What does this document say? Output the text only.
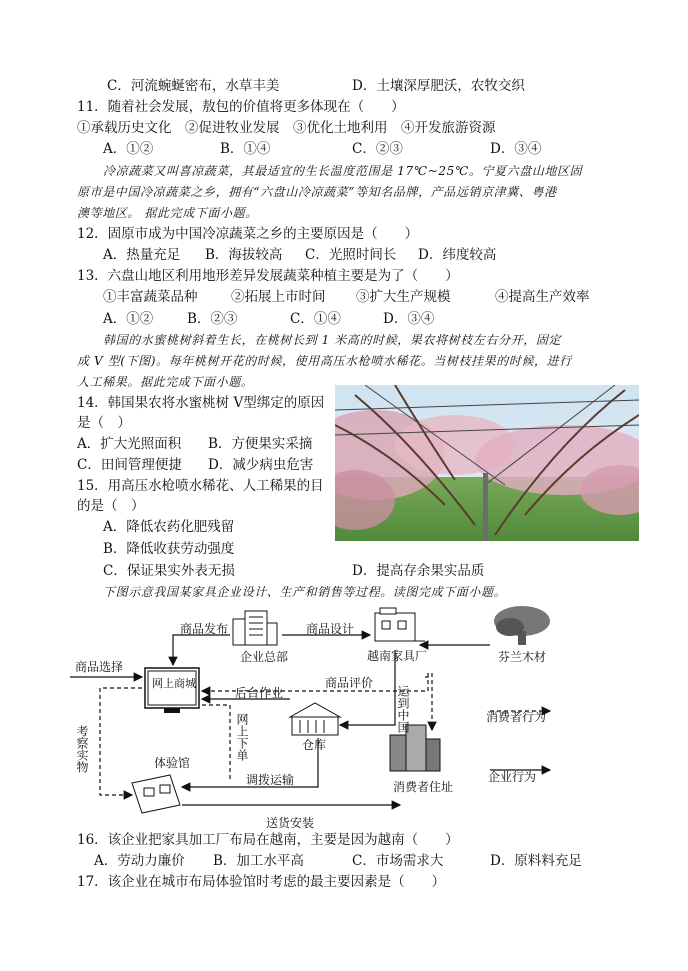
C．河流蜿蜒密布，水草丰美	D．土壤深厚肥沃，农牧交织
11．随着社会发展，敖包的价值将更多体现在（　　）
①承载历史文化　②促进牧业发展　③优化土地利用　④开发旅游资源
A．①②	B．①④	C．②③	D．③④
冷凉蔬菜又叫喜凉蔬菜，其最适宜的生长温度范围是 17℃~25℃。宁夏六盘山地区固
原市是中国冷凉蔬菜之乡，拥有“六盘山冷凉蔬菜”等知名品牌，产品远销京津冀、粤港
澳等地区。 据此完成下面小题。
12．固原市成为中国冷凉蔬菜之乡的主要原因是（　　）
A．热量充足 B．海拔较高 C．光照时间长 D．纬度较高
13．六盘山地区利用地形差异发展蔬菜种植主要是为了（　　）
①丰富蔬菜品种 ②拓展上市时间 ③扩大生产规模	④提高生产效率
A．①②	B．②③	C．①④	D．③④
韩国的水蜜桃树斜着生长，在桃树长到 1 米高的时候，果农将树枝左右分开，固定
成 V 型(下图)。每年桃树开花的时候，使用高压水枪喷水稀花。当树枝挂果的时候，进行
人工稀果。据此完成下面小题。
14．韩国果农将水蜜桃树 V型绑定的原因
是（　）
A．扩大光照面积 B．方便果实采摘
C．田间管理便捷 D．减少病虫危害
15．用高压水枪喷水稀花、人工稀果的目
的是（　）
A．降低农药化肥残留
B．降低收获劳动强度
C．保证果实外表无损	D．提高存余果实品质
下图示意我国某家具企业设计、生产和销售等过程。读图完成下面小题。
商品发布	商品设计
企业总部	越南家具厂	芬兰木材
商品选择
网上商城
后台作业
商品评价
消费者行为
仓库
体验馆
调拨运输	消费者住址
企业行为
送货安装
运到中国
考察实物	网上下单
16．该企业把家具加工厂布局在越南，主要是因为越南（　　）
A．劳动力廉价 B．加工水平高	C．市场需求大	D．原料料充足
17．该企业在城市布局体验馆时考虑的最主要因素是（　　）
